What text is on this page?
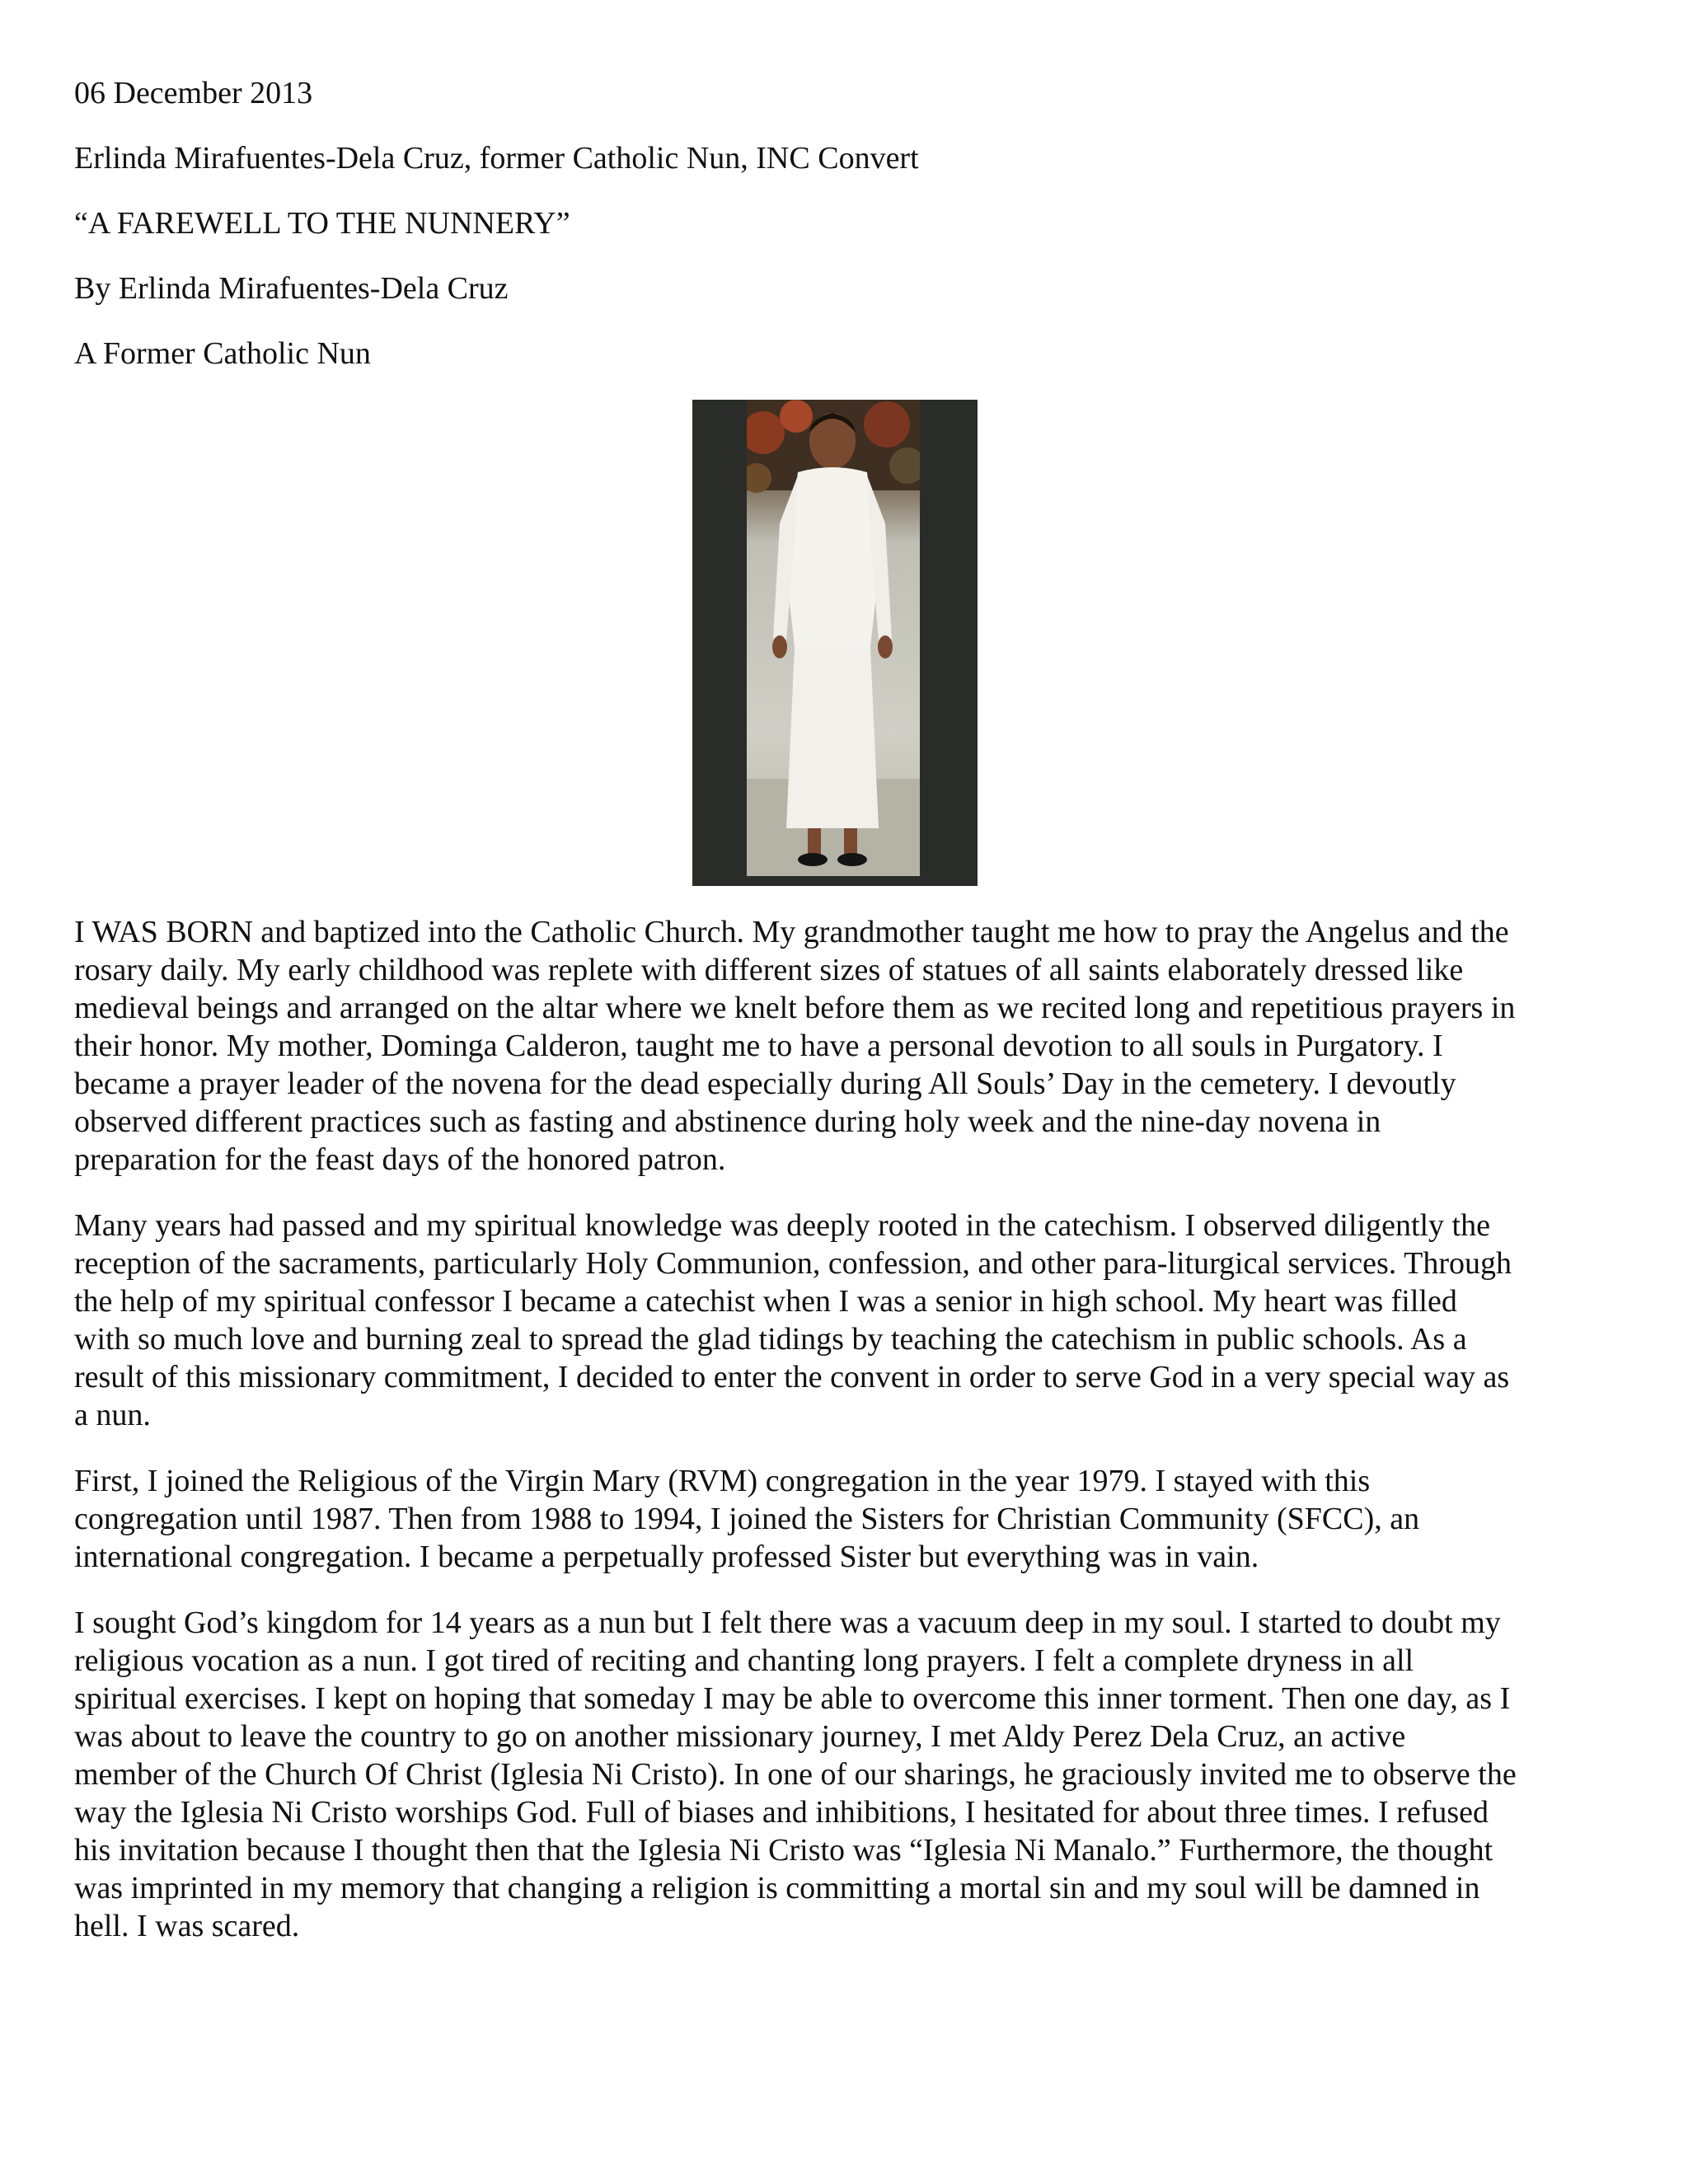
06 December 2013

Erlinda Mirafuentes-Dela Cruz, former Catholic Nun, INC Convert

“A FAREWELL TO THE NUNNERY”

By Erlinda Mirafuentes-Dela Cruz

A Former Catholic Nun

I WAS BORN and baptized into the Catholic Church. My grandmother taught me how to pray the Angelus and the
rosary daily. My early childhood was replete with different sizes of statues of all saints elaborately dressed like
medieval beings and arranged on the altar where we knelt before them as we recited long and repetitious prayers in
their honor. My mother, Dominga Calderon, taught me to have a personal devotion to all souls in Purgatory. I
became a prayer leader of the novena for the dead especially during All Souls’ Day in the cemetery. I devoutly
observed different practices such as fasting and abstinence during holy week and the nine-day novena in
preparation for the feast days of the honored patron.

Many years had passed and my spiritual knowledge was deeply rooted in the catechism. I observed diligently the
reception of the sacraments, particularly Holy Communion, confession, and other para-liturgical services. Through
the help of my spiritual confessor I became a catechist when I was a senior in high school. My heart was filled
with so much love and burning zeal to spread the glad tidings by teaching the catechism in public schools. As a
result of this missionary commitment, I decided to enter the convent in order to serve God in a very special way as
a nun.

First, I joined the Religious of the Virgin Mary (RVM) congregation in the year 1979. I stayed with this
congregation until 1987. Then from 1988 to 1994, I joined the Sisters for Christian Community (SFCC), an
international congregation. I became a perpetually professed Sister but everything was in vain.

I sought God’s kingdom for 14 years as a nun but I felt there was a vacuum deep in my soul. I started to doubt my
religious vocation as a nun. I got tired of reciting and chanting long prayers. I felt a complete dryness in all
spiritual exercises. I kept on hoping that someday I may be able to overcome this inner torment. Then one day, as I
was about to leave the country to go on another missionary journey, I met Aldy Perez Dela Cruz, an active
member of the Church Of Christ (Iglesia Ni Cristo). In one of our sharings, he graciously invited me to observe the
way the Iglesia Ni Cristo worships God. Full of biases and inhibitions, I hesitated for about three times. I refused
his invitation because I thought then that the Iglesia Ni Cristo was “Iglesia Ni Manalo.” Furthermore, the thought
was imprinted in my memory that changing a religion is committing a mortal sin and my soul will be damned in
hell. I was scared.
